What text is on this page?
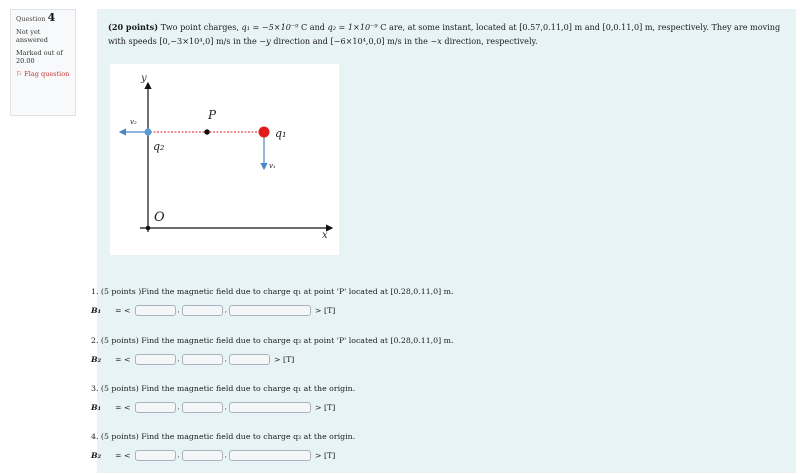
Question 4
Not yet answered
Marked out of 20.00
⚐ Flag question

(20 points) Two point charges, q₁ = −5×10⁻⁹ C and q₂ = 1×10⁻⁹ C are, at some instant, located at [0.57,0.11,0] m and [0,0.11,0] m, respectively. They are moving with speeds [0,−3×10⁴,0] m/s in the −y direction and [−6×10⁴,0,0] m/s in the −x direction, respectively.

y
x
O
P
q₁
q₂
v₁
v₂
1. (5 points )Find the magnetic field due to charge q₁ at point 'P' located at [0.28,0.11,0] m.
B₁	= <	,	,	> [T]
2. (5 points) Find the magnetic field due to charge q₂ at point 'P' located at [0.28,0.11,0] m.
B₂	= <	,	,	> [T]
3. (5 points) Find the magnetic field due to charge q₁ at the origin.
B₁	= <	,	,	> [T]
4. (5 points) Find the magnetic field due to charge q₂ at the origin.
B₂	= <	,	,	> [T]
